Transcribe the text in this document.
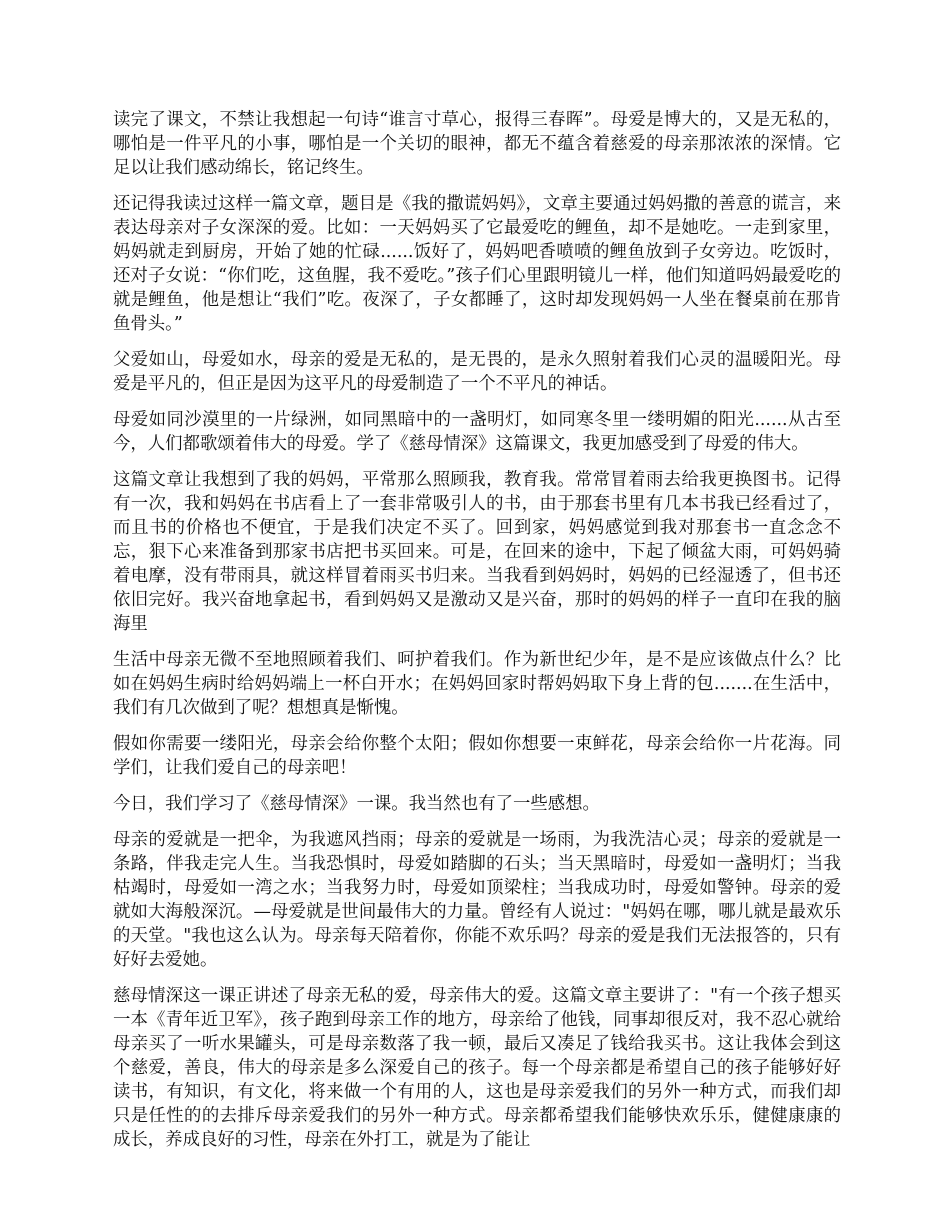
读完了课文，不禁让我想起一句诗“谁言寸草心，报得三春晖”。母爱是博大的，又是无私的，哪怕是一件平凡的小事，哪怕是一个关切的眼神，都无不蕴含着慈爱的母亲那浓浓的深情。它足以让我们感动绵长，铭记终生。

还记得我读过这样一篇文章，题目是《我的撒谎妈妈》，文章主要通过妈妈撒的善意的谎言，来表达母亲对子女深深的爱。比如：一天妈妈买了它最爱吃的鲤鱼，却不是她吃。一走到家里，妈妈就走到厨房，开始了她的忙碌......饭好了，妈妈吧香喷喷的鲤鱼放到子女旁边。吃饭时，还对子女说：“你们吃，这鱼腥，我不爱吃。”孩子们心里跟明镜儿一样，他们知道吗妈最爱吃的就是鲤鱼，他是想让“我们”吃。夜深了，子女都睡了，这时却发现妈妈一人坐在餐桌前在那肯鱼骨头。”

父爱如山，母爱如水，母亲的爱是无私的，是无畏的，是永久照射着我们心灵的温暖阳光。母爱是平凡的，但正是因为这平凡的母爱制造了一个不平凡的神话。

母爱如同沙漠里的一片绿洲，如同黑暗中的一盏明灯，如同寒冬里一缕明媚的阳光......从古至今，人们都歌颂着伟大的母爱。学了《慈母情深》这篇课文，我更加感受到了母爱的伟大。

这篇文章让我想到了我的妈妈，平常那么照顾我，教育我。常常冒着雨去给我更换图书。记得有一次，我和妈妈在书店看上了一套非常吸引人的书，由于那套书里有几本书我已经看过了，而且书的价格也不便宜，于是我们决定不买了。回到家，妈妈感觉到我对那套书一直念念不忘，狠下心来准备到那家书店把书买回来。可是，在回来的途中，下起了倾盆大雨，可妈妈骑着电摩，没有带雨具，就这样冒着雨买书归来。当我看到妈妈时，妈妈的已经湿透了，但书还依旧完好。我兴奋地拿起书，看到妈妈又是激动又是兴奋，那时的妈妈的样子一直印在我的脑海里

生活中母亲无微不至地照顾着我们、呵护着我们。作为新世纪少年，是不是应该做点什么？比如在妈妈生病时给妈妈端上一杯白开水；在妈妈回家时帮妈妈取下身上背的包.......在生活中，我们有几次做到了呢？想想真是惭愧。

假如你需要一缕阳光，母亲会给你整个太阳；假如你想要一束鲜花，母亲会给你一片花海。同学们，让我们爱自己的母亲吧！

今日，我们学习了《慈母情深》一课。我当然也有了一些感想。

母亲的爱就是一把伞，为我遮风挡雨；母亲的爱就是一场雨，为我洗洁心灵；母亲的爱就是一条路，伴我走完人生。当我恐惧时，母爱如踏脚的石头；当天黑暗时，母爱如一盏明灯；当我枯竭时，母爱如一湾之水；当我努力时，母爱如顶梁柱；当我成功时，母爱如警钟。母亲的爱就如大海般深沉。—母爱就是世间最伟大的力量。曾经有人说过："妈妈在哪，哪儿就是最欢乐的天堂。"我也这么认为。母亲每天陪着你，你能不欢乐吗？母亲的爱是我们无法报答的，只有好好去爱她。

慈母情深这一课正讲述了母亲无私的爱，母亲伟大的爱。这篇文章主要讲了："有一个孩子想买一本《青年近卫军》，孩子跑到母亲工作的地方，母亲给了他钱，同事却很反对，我不忍心就给母亲买了一听水果罐头，可是母亲数落了我一顿，最后又凑足了钱给我买书。这让我体会到这个慈爱，善良，伟大的母亲是多么深爱自己的孩子。每一个母亲都是希望自己的孩子能够好好读书，有知识，有文化，将来做一个有用的人，这也是母亲爱我们的另外一种方式，而我们却只是任性的的去排斥母亲爱我们的另外一种方式。母亲都希望我们能够快欢乐乐，健健康康的成长，养成良好的习性，母亲在外打工，就是为了能让
